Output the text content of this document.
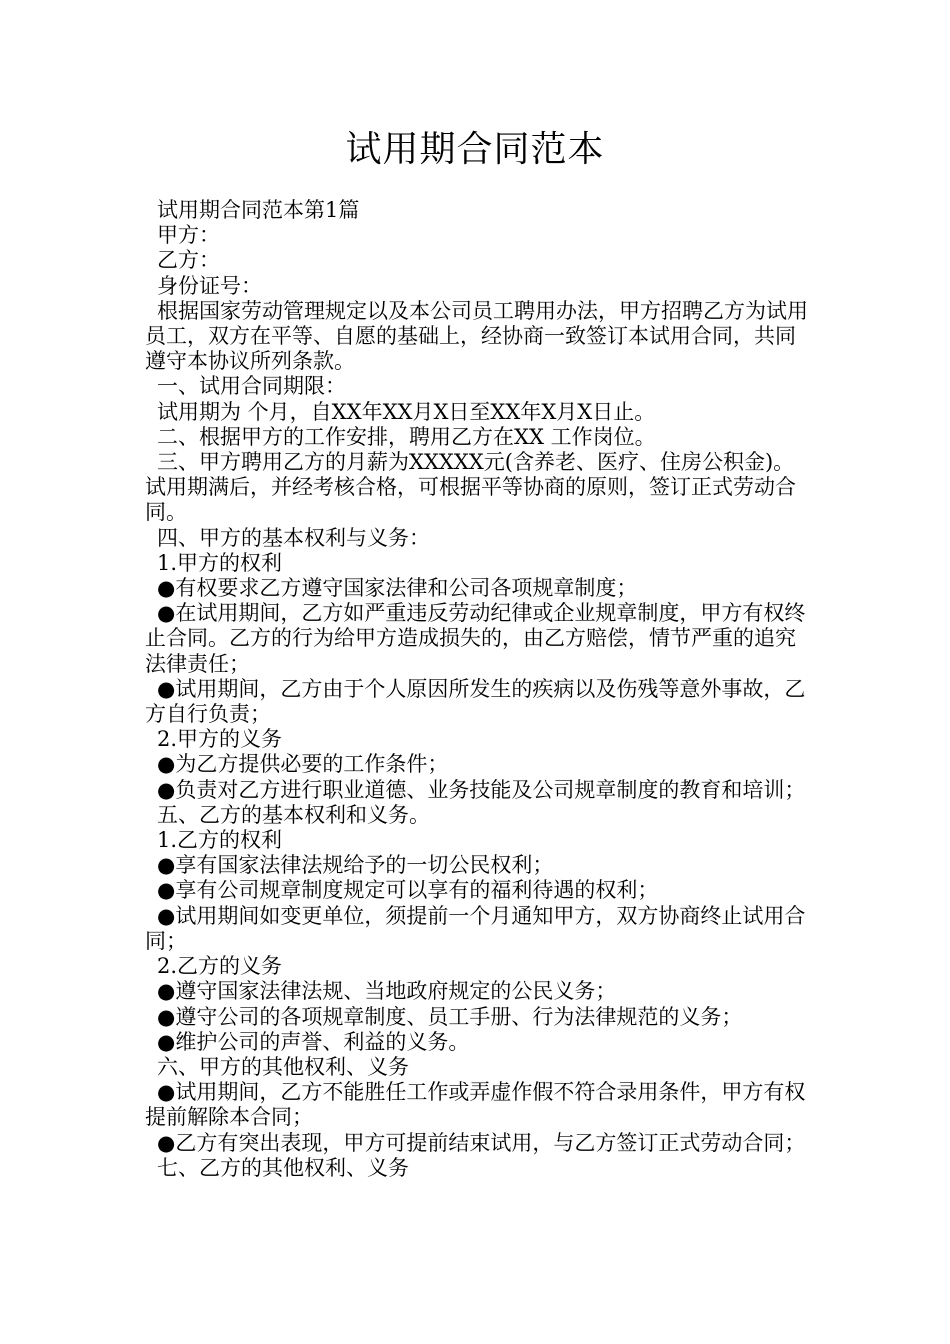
试用期合同范本

试用期合同范本第1篇

甲方：

乙方：

身份证号：

根据国家劳动管理规定以及本公司员工聘用办法，甲方招聘乙方为试用员工，双方在平等、自愿的基础上，经协商一致签订本试用合同，共同遵守本协议所列条款。

一、试用合同期限：

试用期为 个月，自XX年XX月X日至XX年X月X日止。

二、根据甲方的工作安排，聘用乙方在XX 工作岗位。

三、甲方聘用乙方的月薪为XXXXX元(含养老、医疗、住房公积金)。试用期满后，并经考核合格，可根据平等协商的原则，签订正式劳动合同。

四、甲方的基本权利与义务：

1.甲方的权利

●有权要求乙方遵守国家法律和公司各项规章制度；

●在试用期间，乙方如严重违反劳动纪律或企业规章制度，甲方有权终止合同。乙方的行为给甲方造成损失的，由乙方赔偿，情节严重的追究法律责任；

●试用期间，乙方由于个人原因所发生的疾病以及伤残等意外事故，乙方自行负责；

2.甲方的义务

●为乙方提供必要的工作条件；

●负责对乙方进行职业道德、业务技能及公司规章制度的教育和培训；

五、乙方的基本权利和义务。

1.乙方的权利

●享有国家法律法规给予的一切公民权利；

●享有公司规章制度规定可以享有的福利待遇的权利；

●试用期间如变更单位，须提前一个月通知甲方，双方协商终止试用合同；

2.乙方的义务

●遵守国家法律法规、当地政府规定的公民义务；

●遵守公司的各项规章制度、员工手册、行为法律规范的义务；

●维护公司的声誉、利益的义务。

六、甲方的其他权利、义务

●试用期间，乙方不能胜任工作或弄虚作假不符合录用条件，甲方有权提前解除本合同；

●乙方有突出表现，甲方可提前结束试用，与乙方签订正式劳动合同；

七、乙方的其他权利、义务
